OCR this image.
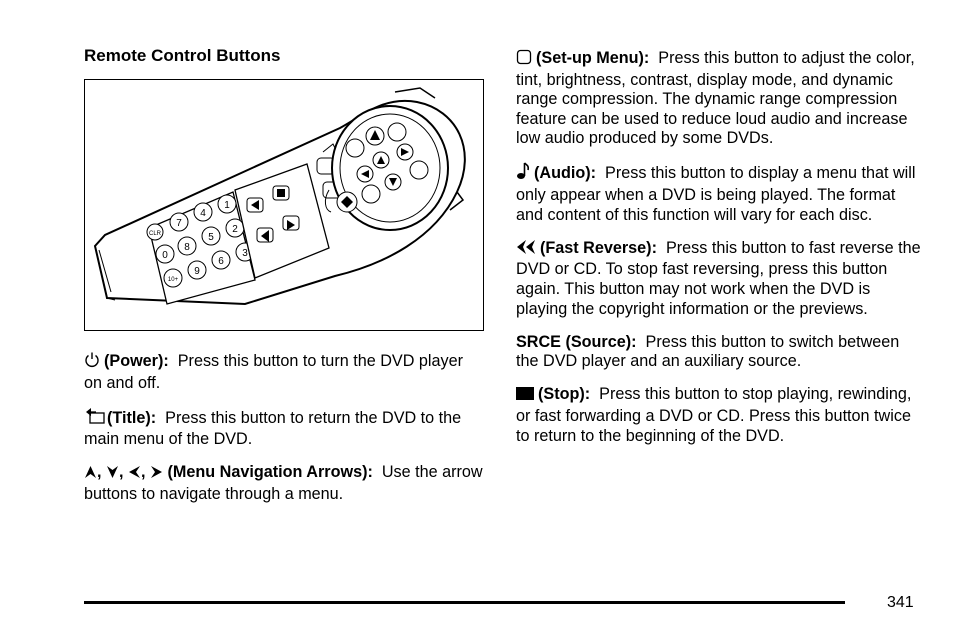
Remote Control Buttons
1
2
3
4
5
6
7
8
9
0
10+
CLR

(Power): Press this button to turn the DVD player on and off.

(Title): Press this button to return the DVD to the main menu of the DVD.

, , , (Menu Navigation Arrows): Use the arrow buttons to navigate through a menu.

(Set-up Menu): Press this button to adjust the color, tint, brightness, contrast, display mode, and dynamic range compression. The dynamic range compression feature can be used to reduce loud audio and increase low audio produced by some DVDs.

(Audio): Press this button to display a menu that will only appear when a DVD is being played. The format and content of this function will vary for each disc.

(Fast Reverse): Press this button to fast reverse the DVD or CD. To stop fast reversing, press this button again. This button may not work when the DVD is playing the copyright information or the previews.

SRCE (Source): Press this button to switch between the DVD player and an auxiliary source.

(Stop): Press this button to stop playing, rewinding, or fast forwarding a DVD or CD. Press this button twice to return to the beginning of the DVD.

341
